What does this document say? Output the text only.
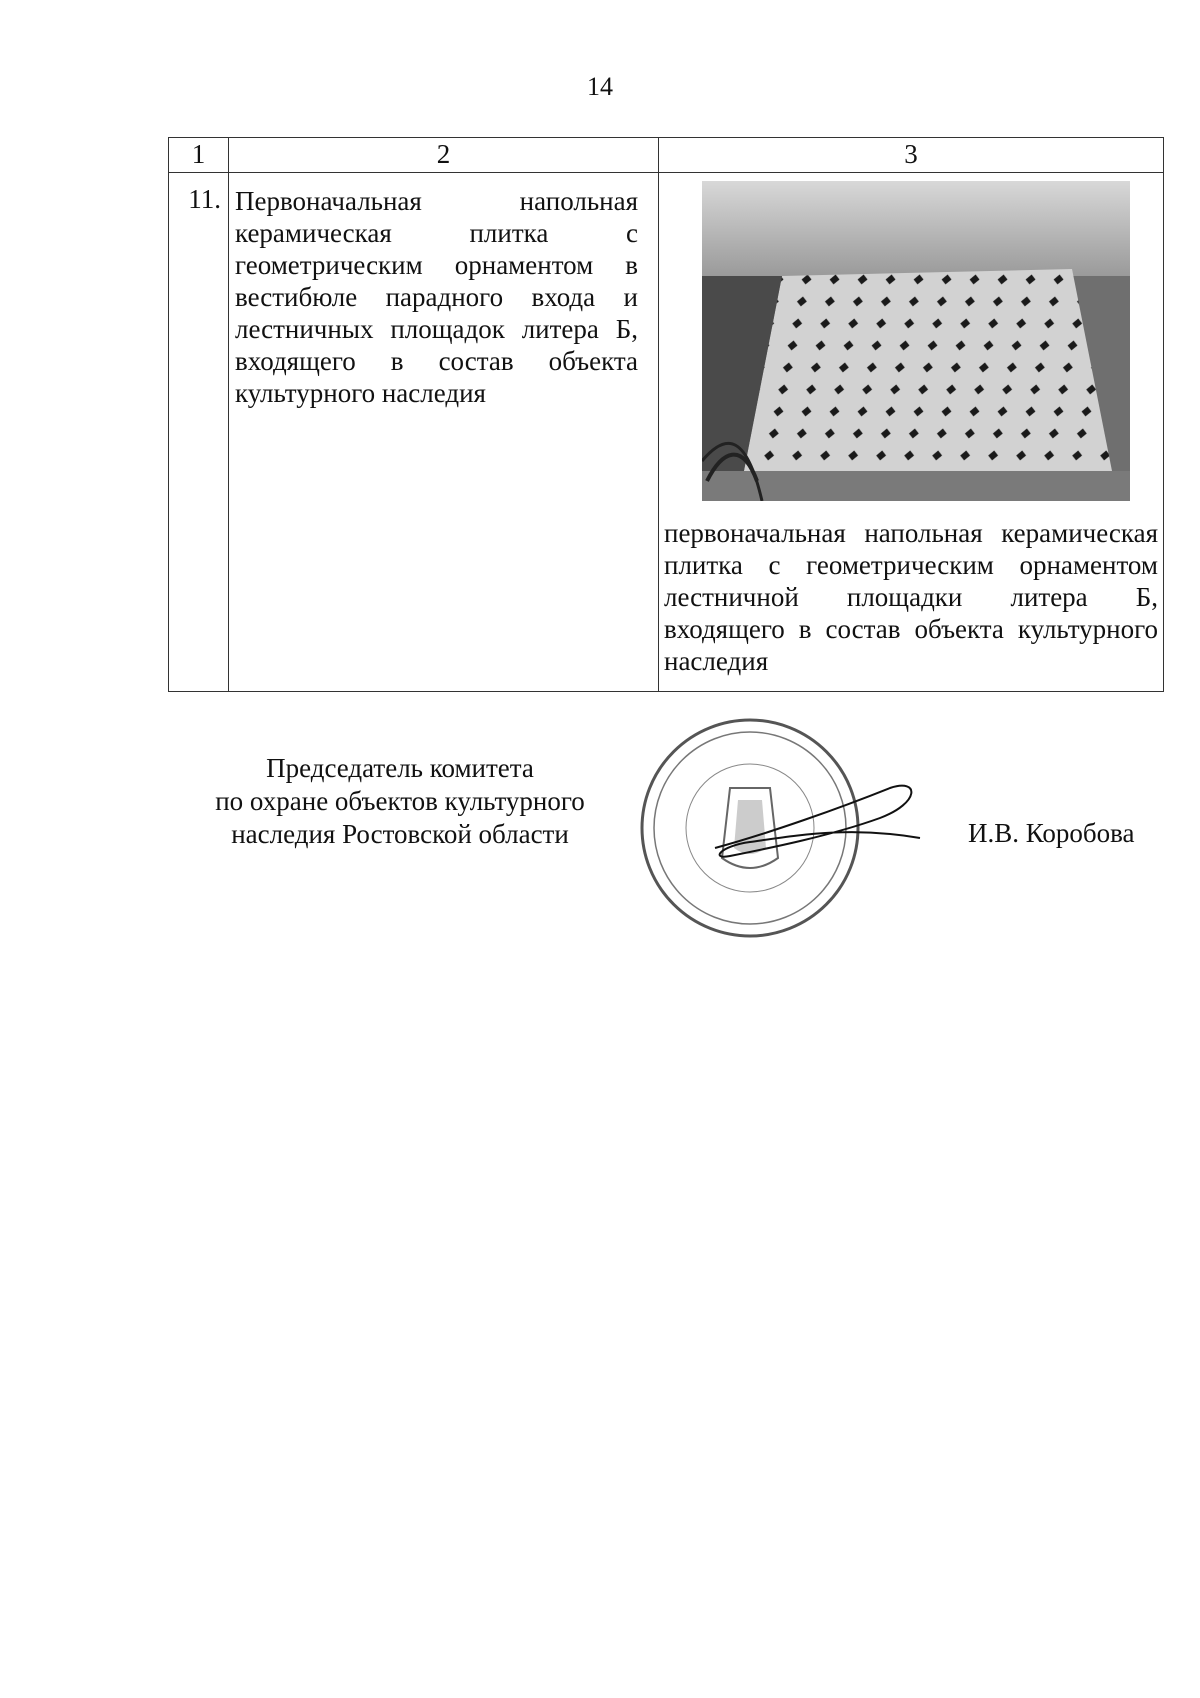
14
1	2	3
11.	Первоначальная напольная керамическая плитка с геометрическим орнаментом в вестибюле парадного входа и лестничных площадок литера Б, входящего в состав объекта культурного наследия	первоначальная напольная керамическая плитка с геометрическим орнаментом лестничной площадки литера Б, входящего в состав объекта культурного наследия
Председатель комитета
по охране объектов культурного
наследия Ростовской области	И.В. Коробова
